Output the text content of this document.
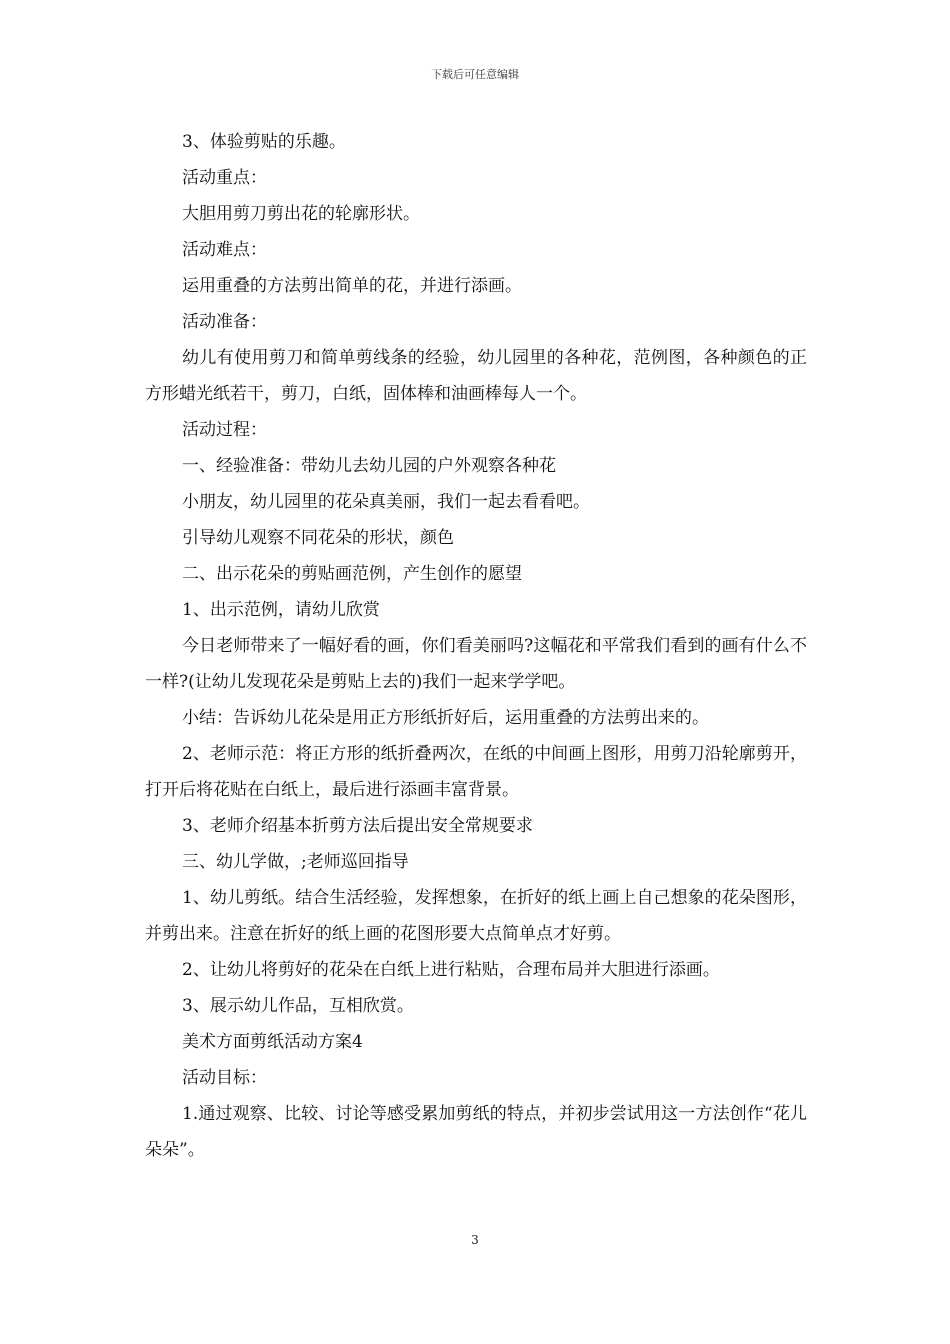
下载后可任意编辑

3、体验剪贴的乐趣。

活动重点：

大胆用剪刀剪出花的轮廓形状。

活动难点：

运用重叠的方法剪出简单的花，并进行添画。

活动准备：

幼儿有使用剪刀和简单剪线条的经验，幼儿园里的各种花，范例图，各种颜色的正方形蜡光纸若干，剪刀，白纸，固体棒和油画棒每人一个。

活动过程：

一、经验准备：带幼儿去幼儿园的户外观察各种花

小朋友，幼儿园里的花朵真美丽，我们一起去看看吧。

引导幼儿观察不同花朵的形状，颜色

二、出示花朵的剪贴画范例，产生创作的愿望

1、出示范例，请幼儿欣赏

今日老师带来了一幅好看的画，你们看美丽吗?这幅花和平常我们看到的画有什么不一样?(让幼儿发现花朵是剪贴上去的)我们一起来学学吧。

小结：告诉幼儿花朵是用正方形纸折好后，运用重叠的方法剪出来的。

2、老师示范：将正方形的纸折叠两次，在纸的中间画上图形，用剪刀沿轮廓剪开，打开后将花贴在白纸上，最后进行添画丰富背景。

3、老师介绍基本折剪方法后提出安全常规要求

三、幼儿学做，;老师巡回指导

1、幼儿剪纸。结合生活经验，发挥想象，在折好的纸上画上自己想象的花朵图形，并剪出来。注意在折好的纸上画的花图形要大点简单点才好剪。

2、让幼儿将剪好的花朵在白纸上进行粘贴，合理布局并大胆进行添画。

3、展示幼儿作品，互相欣赏。

美术方面剪纸活动方案4

活动目标：

1.通过观察、比较、讨论等感受累加剪纸的特点，并初步尝试用这一方法创作“花儿朵朵”。

3
